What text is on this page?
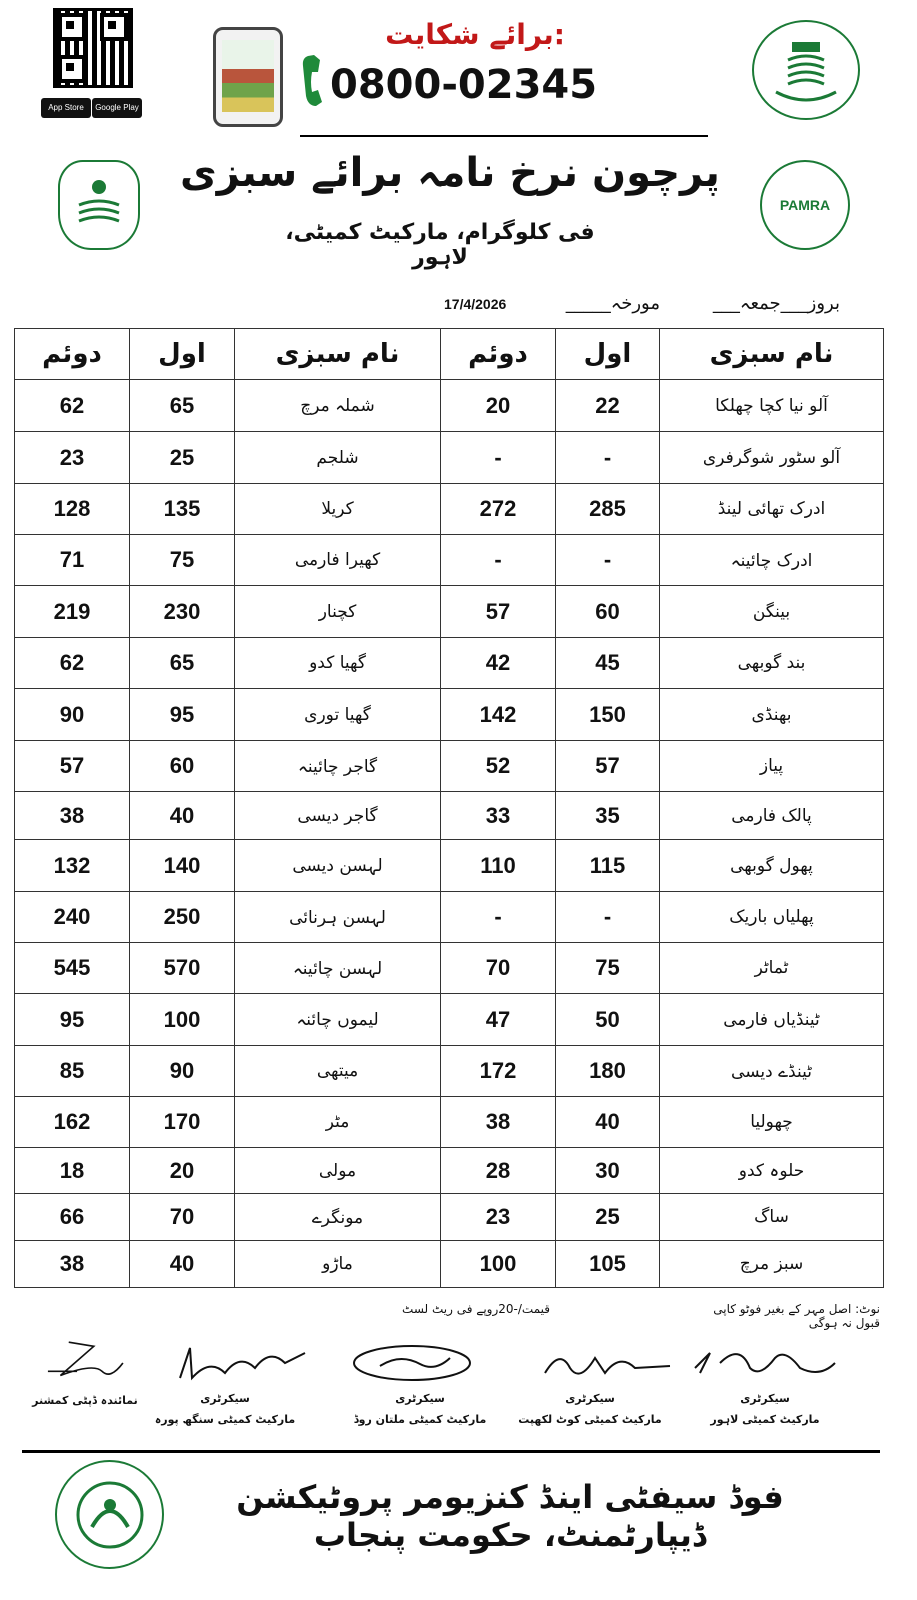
App Store	Google Play
برائے شکایت:
0800-02345
PAMRA
پرچون نرخ نامہ برائے سبزی
فی کلوگرام، مارکیٹ کمیٹی، لاہور
بروز___جمعہ___
مورخہ_____
17/4/2026
دوئم	اول	نام سبزی	دوئم	اول	نام سبزی
62	65	شملہ مرچ	20	22	آلو نیا کچا چھلکا
23	25	شلجم	-	-	آلو سٹور شوگرفری
128	135	کریلا	272	285	ادرک تھائی لینڈ
71	75	کھیرا فارمی	-	-	ادرک چائینہ
219	230	کچنار	57	60	بینگن
62	65	گھیا کدو	42	45	بند گوبھی
90	95	گھیا توری	142	150	بھنڈی
57	60	گاجر چائینہ	52	57	پیاز
38	40	گاجر دیسی	33	35	پالک فارمی
132	140	لہسن دیسی	110	115	پھول گوبھی
240	250	لہسن ہرنائی	-	-	پھلیاں باریک
545	570	لہسن چائینہ	70	75	ٹماٹر
95	100	لیموں چائنہ	47	50	ٹینڈیاں فارمی
85	90	میتھی	172	180	ٹینڈے دیسی
162	170	مٹر	38	40	چھولیا
18	20	مولی	28	30	حلوہ کدو
66	70	مونگرے	23	25	ساگ
38	40	ماڑو	100	105	سبز مرچ
نوٹ: اصل مہر کے بغیر فوٹو کاپی قبول نہ ہوگی
قیمت/-20روپے فی ریٹ لسٹ
سیکرٹری
مارکیٹ کمیٹی لاہور
سیکرٹری
مارکیٹ کمیٹی کوٹ لکھپت
سیکرٹری
مارکیٹ کمیٹی ملتان روڈ
سیکرٹری
مارکیٹ کمیٹی سنگھ پورہ
نمائندہ ڈپٹی کمشنر
فوڈ سیفٹی اینڈ کنزیومر پروٹیکشن ڈیپارٹمنٹ، حکومت پنجاب
